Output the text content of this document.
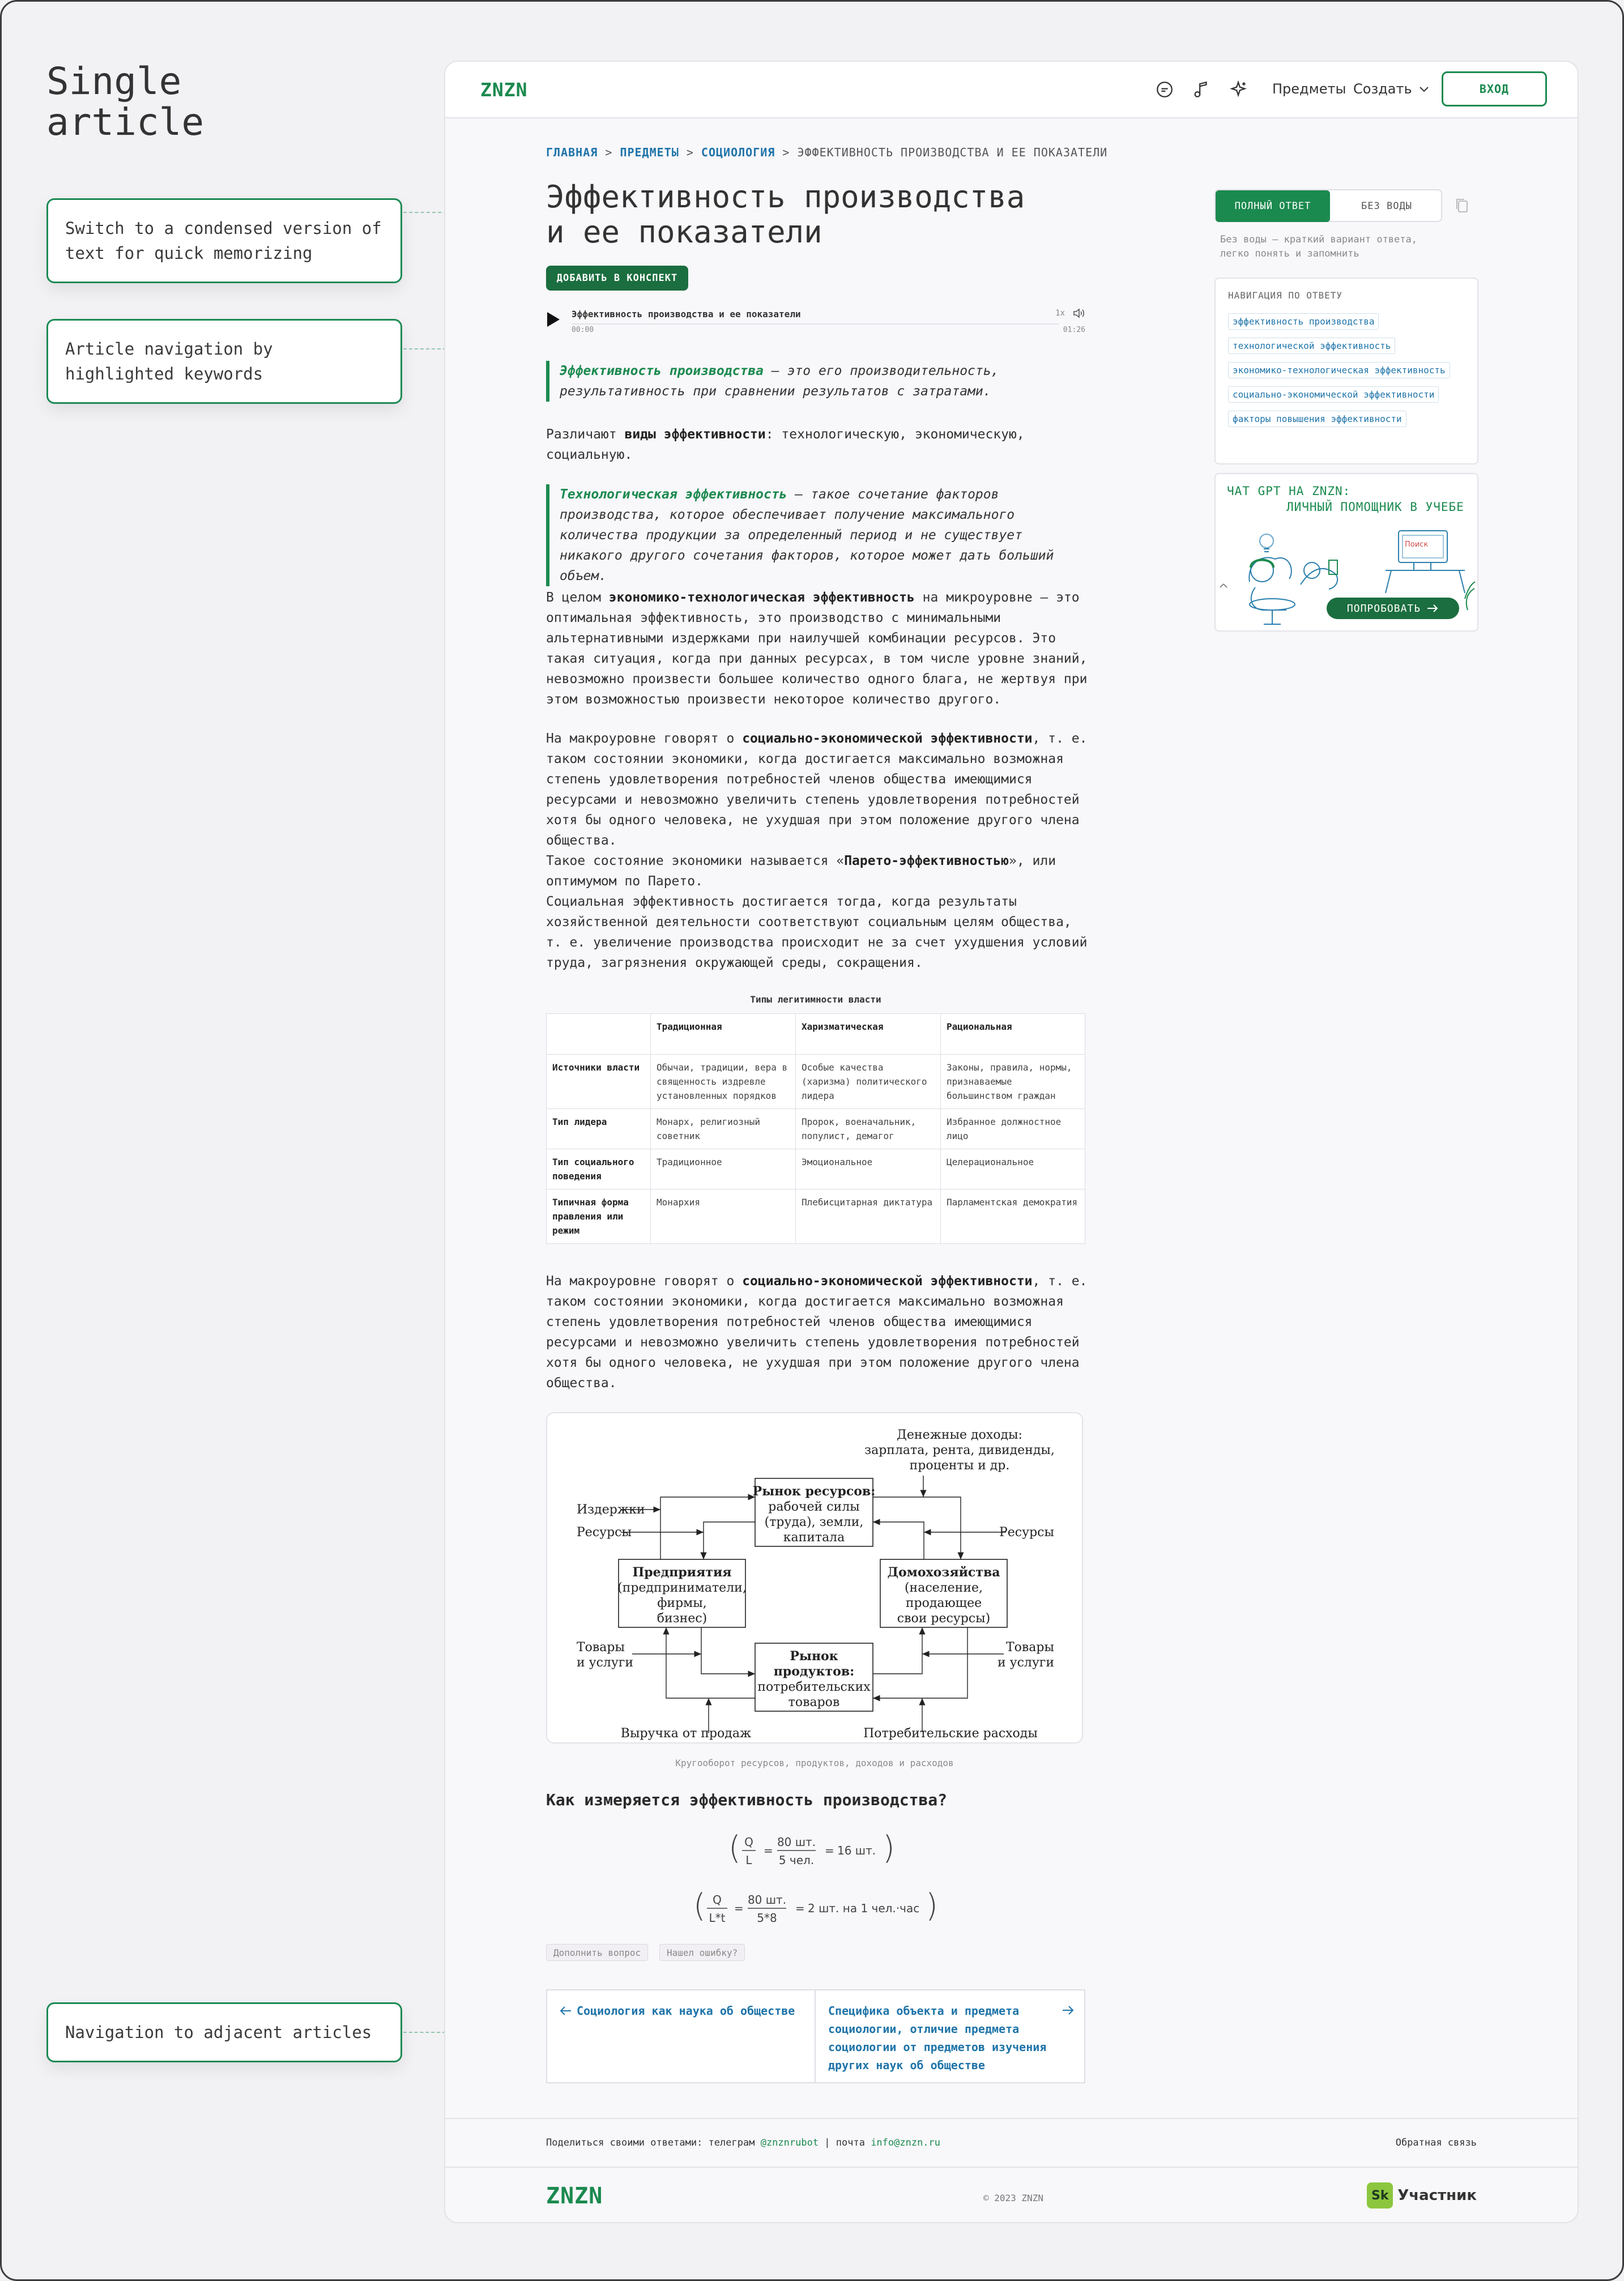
Single
article
Switch to a condensed version of text for quick memorizing
Article navigation by highlighted keywords
Navigation to adjacent articles
ZNZN	Предметы Создать	ВХОД
ГЛАВНАЯ > ПРЕДМЕТЫ > СОЦИОЛОГИЯ > ЭФФЕКТИВНОСТЬ ПРОИЗВОДСТВА И ЕЕ ПОКАЗАТЕЛИ
Эффективность производства
и ее показатели
ДОБАВИТЬ В КОНСПЕКТ
Эффективность производства и ее показатели
00:00	01:26
1x
Эффективность производства — это его производительность, результативность при сравнении результатов с затратами.
Различают виды эффективности: технологическую, экономическую, социальную.
Технологическая эффективность — такое сочетание факторов производства, которое обеспечивает получение максимального количества продукции за определенный период и не существует никакого другого сочетания факторов, которое может дать больший объем.
В целом экономико-технологическая эффективность на микроуровне — это оптимальная эффективность, это производство с минимальными альтернативными издержками при наилучшей комбинации ресурсов. Это такая ситуация, когда при данных ресурсах, в том числе уровне знаний, невозможно произвести большее количество одного блага, не жертвуя при этом возможностью произвести некоторое количество другого.
На макроуровне говорят о социально-экономической эффективности, т. е. таком состоянии экономики, когда достигается максимально возможная степень удовлетворения потребностей членов общества имеющимися ресурсами и невозможно увеличить степень удовлетворения потребностей хотя бы одного человека, не ухудшая при этом положение другого члена общества.
Такое состояние экономики называется «Парето-эффективностью», или оптимумом по Парето.
Социальная эффективность достигается тогда, когда результаты хозяйственной деятельности соответствуют социальным целям общества, т. е. увеличение производства происходит не за счет ухудшения условий труда, загрязнения окружающей среды, сокращения.
Типы легитимности власти
	Традиционная	Харизматическая	Рациональная
Источники власти	Обычаи, традиции, вера в священность издревле установленных порядков	Особые качества (харизма) политического лидера	Законы, правила, нормы, признаваемые большинством граждан
Тип лидера	Монарх, религиозный советник	Пророк, военачальник, популист, демагог	Избранное должностное лицо
Тип социального поведения	Традиционное	Эмоциональное	Целерациональное
Типичная форма правления или режим	Монархия	Плебисцитарная диктатура	Парламентская демократия
На макроуровне говорят о социально-экономической эффективности, т. е. таком состоянии экономики, когда достигается максимально возможная степень удовлетворения потребностей членов общества имеющимися ресурсами и невозможно увеличить степень удовлетворения потребностей хотя бы одного человека, не ухудшая при этом положение другого члена общества.
Денежные доходы:
зарплата, рента, дивиденды,
проценты и др.
Рынок ресурсов:
рабочей силы
(труда), земли,
капитала
Предприятия
(предприниматели,
фирмы,
бизнес)
Домохозяйства
(население,
продающее
свои ресурсы)
Рынок
продуктов:
потребительских
товаров
Выручка от продаж	Потребительские расходы
Издержки
Ресурсы	Ресурсы
Товары
и услуги
Товары
и услуги
Кругооборот ресурсов, продуктов, доходов и расходов
Как измеряется эффективность производства?
( Q
L
=
80 шт.
5 чел.
= 16 шт. )
( Q
L*t
=
80 шт.
5*8
= 2 шт. на 1 чел.·час )
Дополнить вопрос	Нашел ошибку?
Социология как наука об обществе	Специфика объекта и предмета социологии, отличие предмета социологии от предметов изучения других наук об обществе
ПОЛНЫЙ ОТВЕТ	БЕЗ ВОДЫ
Без воды — краткий вариант ответа, легко понять и запомнить
НАВИГАЦИЯ ПО ОТВЕТУ
эффективность производства
технологической эффективность
экономико-технологическая эффективность
социально-экономической эффективности
факторы повышения эффективности
ЧАТ GPT НА ZNZN:
ЛИЧНЫЙ ПОМОЩНИК В УЧЕБЕ
Поиск
ПОПРОБОВАТЬ
Поделиться своими ответами: телеграм @znznrubot | почта info@znzn.ru	Обратная связь
ZNZN	© 2023 ZNZN	Sk Участник
